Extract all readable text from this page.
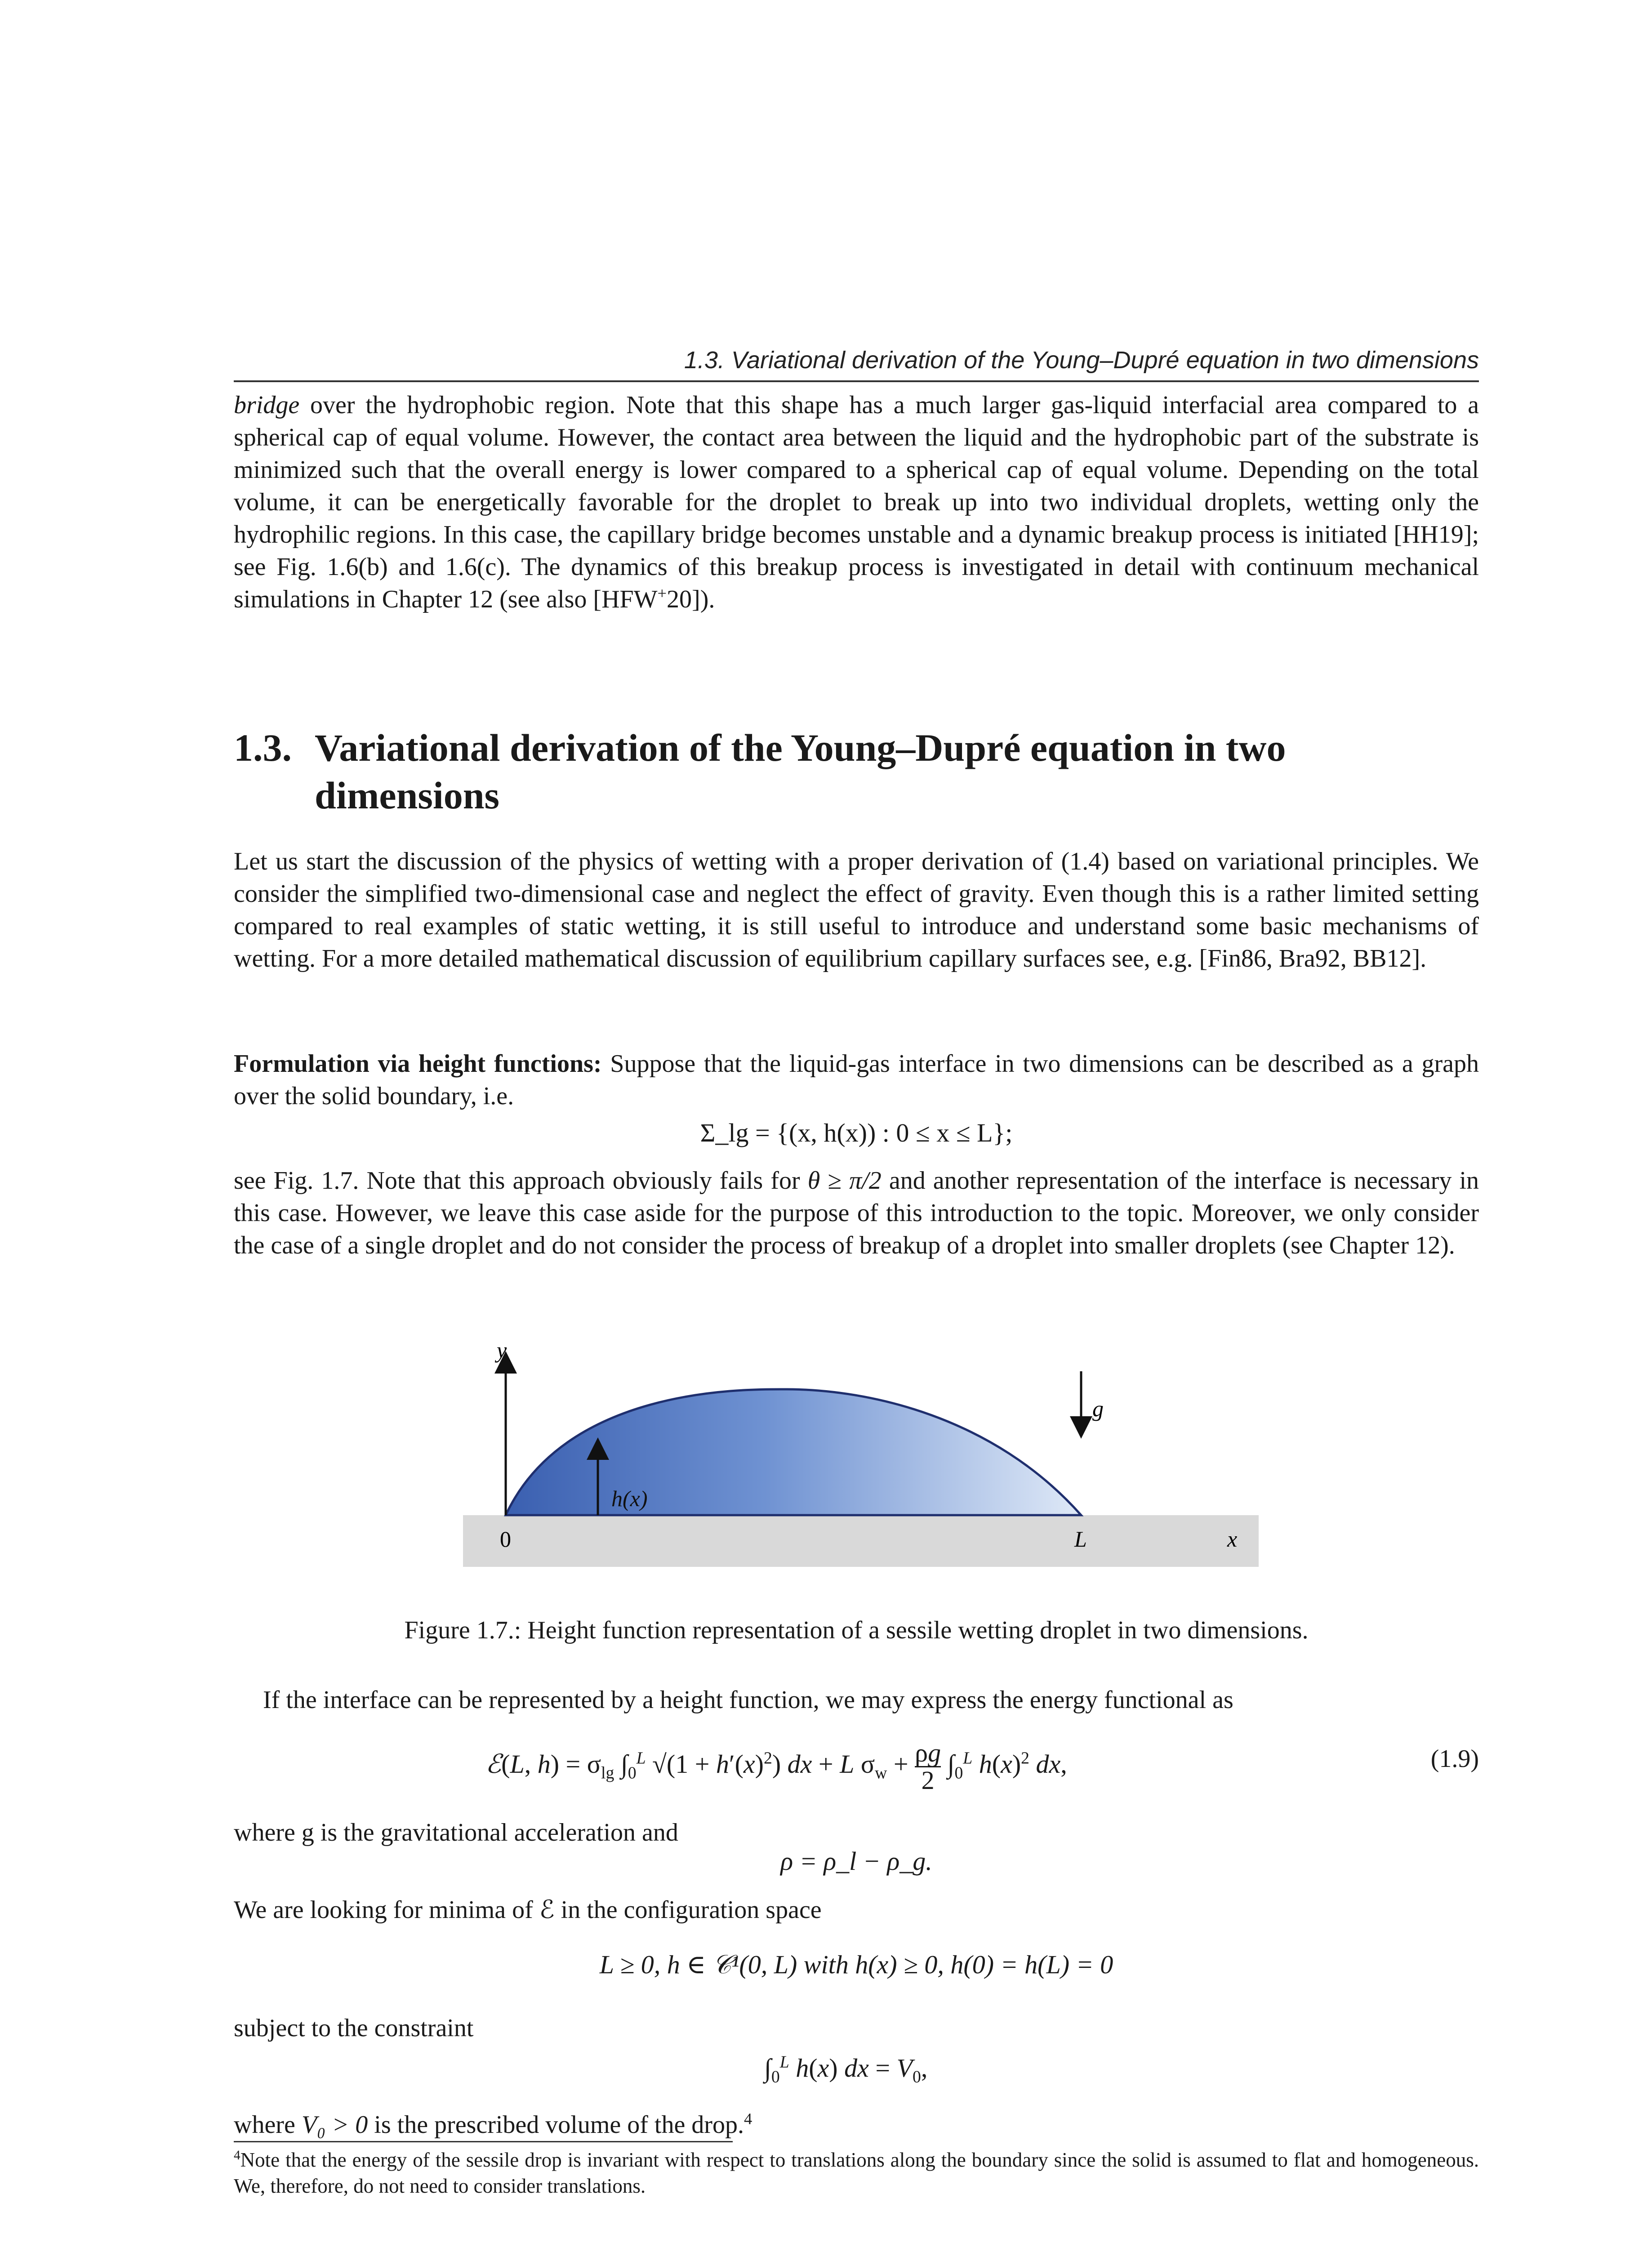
1.3. Variational derivation of the Young–Dupré equation in two dimensions

bridge over the hydrophobic region. Note that this shape has a much larger gas-liquid interfacial area compared to a spherical cap of equal volume. However, the contact area between the liquid and the hydrophobic part of the substrate is minimized such that the overall energy is lower compared to a spherical cap of equal volume. Depending on the total volume, it can be energetically favorable for the droplet to break up into two individual droplets, wetting only the hydrophilic regions. In this case, the capillary bridge becomes unstable and a dynamic breakup process is initiated [HH19]; see Fig. 1.6(b) and 1.6(c). The dynamics of this breakup process is investigated in detail with continuum mechanical simulations in Chapter 12 (see also [HFW+20]).

1.3. Variational derivation of the Young–Dupré equation in two
dimensions

Let us start the discussion of the physics of wetting with a proper derivation of (1.4) based on variational principles. We consider the simplified two-dimensional case and neglect the effect of gravity. Even though this is a rather limited setting compared to real examples of static wetting, it is still useful to introduce and understand some basic mechanisms of wetting. For a more detailed mathematical discussion of equilibrium capillary surfaces see, e.g. [Fin86, Bra92, BB12].

Formulation via height functions: Suppose that the liquid-gas interface in two dimensions can be described as a graph over the solid boundary, i.e.

Σ_lg = {(x, h(x)) : 0 ≤ x ≤ L};

see Fig. 1.7. Note that this approach obviously fails for θ ≥ π/2 and another representation of the interface is necessary in this case. However, we leave this case aside for the purpose of this introduction to the topic. Moreover, we only consider the case of a single droplet and do not consider the process of breakup of a droplet into smaller droplets (see Chapter 12).

y
h(x)
g⃗
0	L	x

Figure 1.7.: Height function representation of a sessile wetting droplet in two dimensions.

If the interface can be represented by a height function, we may express the energy functional as

ℰ(L, $h) = \sigma_{lg}$ $\int_0^L$ $√(1 + h'(x)^2)$ dx + L $\sigma_w + \frac{\rho g}{2} \int_0^L$ $h(x)^2$ dx,	(1.9)

where g is the gravitational acceleration and

ρ = ρ_l − ρ_g.

We are looking for minima of ℰ in the configuration space

L ≥ 0, h ∈ 𝒞¹(0, L) with h(x) ≥ 0, h(0) = h(L) = 0

subject to the constraint

$\int_0^L$ h(x) dx = $V_0$,

where V₀ > 0 is the prescribed volume of the drop.$^4$

$^4$Note that the energy of the sessile drop is invariant with respect to translations along the boundary since the solid is assumed to flat and homogeneous. We, therefore, do not need to consider translations.
